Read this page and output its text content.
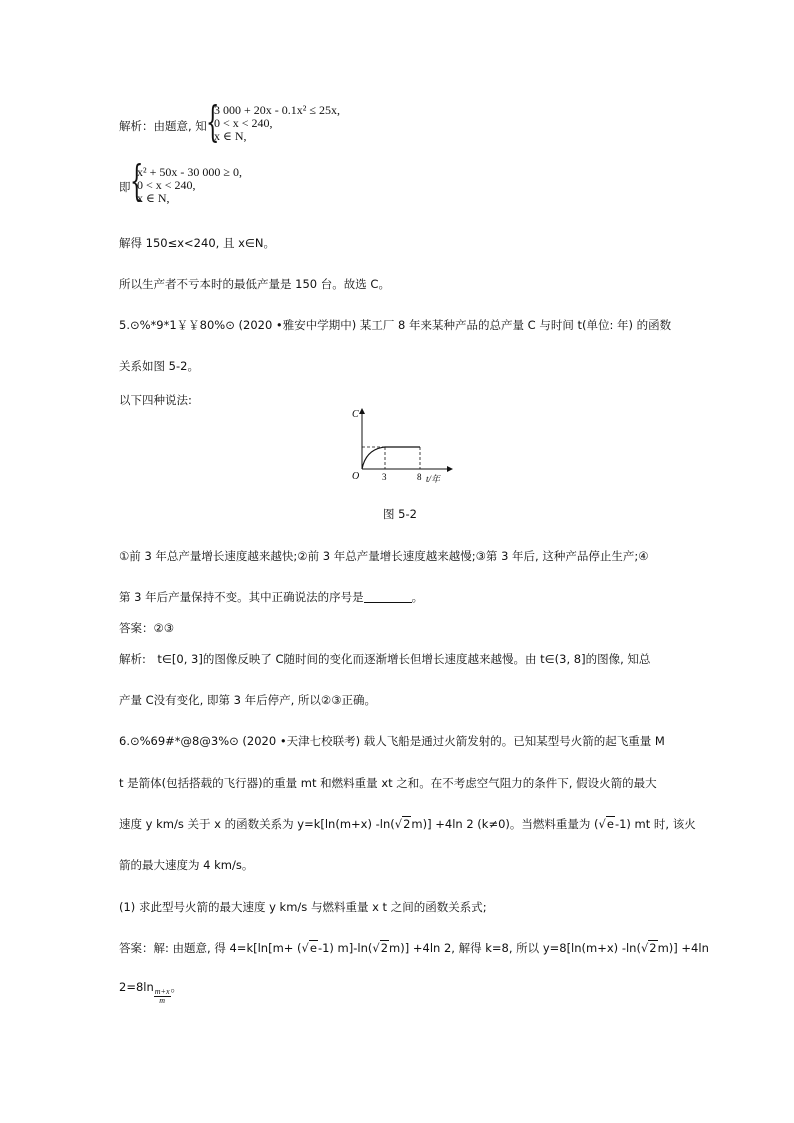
解析：由题意, 知 {
3 000 + 20x - 0.1x² ≤ 25x,
0 < x < 240,
x ∈ N,
即 {
x² + 50x - 30 000 ≥ 0,
0 < x < 240,
x ∈ N,
解得 150≤x<240, 且 x∈N。
所以生产者不亏本时的最低产量是 150 台。故选 C。
5.⊙%*9*1￥￥80%⊙ (2020 •雅安中学期中) 某工厂 8 年来某种产品的总产量 C 与时间 t(单位: 年) 的函数
关系如图 5-2。
以下四种说法:
C
O	3	8 t/年
图 5-2
①前 3 年总产量增长速度越来越快;②前 3 年总产量增长速度越来越慢;③第 3 年后, 这种产品停止生产;④
第 3 年后产量保持不变。其中正确说法的序号是	。
答案：②③
解析:　t∈[0, 3]的图像反映了 C随时间的变化而逐渐增长但增长速度越来越慢。由 t∈(3, 8]的图像, 知总
产量 C没有变化, 即第 3 年后停产, 所以②③正确。
6.⊙%69#*@8@3%⊙ (2020 •天津七校联考) 载人飞船是通过火箭发射的。已知某型号火箭的起飞重量 M
t 是箭体(包括搭载的飞行器)的重量 mt 和燃料重量 xt 之和。在不考虑空气阻力的条件下, 假设火箭的最大
速度 y km/s 关于 x 的函数关系为 y=k[ln(m+x) -ln(√2m)] +4ln 2 (k≠0)。当燃料重量为 (√e-1) mt 时, 该火
箭的最大速度为 4 km/s。
(1) 求此型号火箭的最大速度 y km/s 与燃料重量 x t 之间的函数关系式;
答案：解: 由题意, 得 4=k[ln[m+ (√e-1) m]-ln(√2m)] +4ln 2, 解得 k=8, 所以 y=8[ln(m+x) -ln(√2m)] +4ln
2=8ln
$\frac{m+x}{m}$
。
